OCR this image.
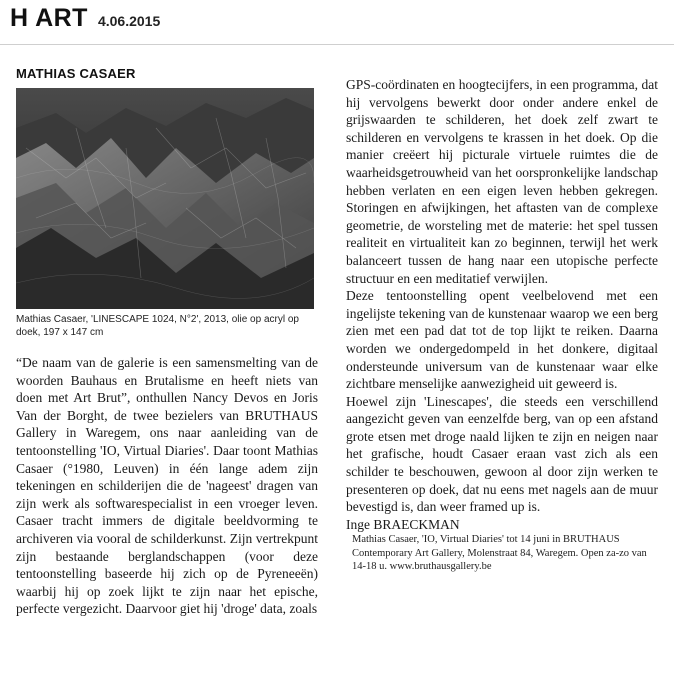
H ART 4.06.2015
MATHIAS CASAER
Mathias Casaer, 'LINESCAPE 1024, N°2', 2013, olie op acryl op doek, 197 x 147 cm

“De naam van de galerie is een samensmelting van de woorden Bauhaus en Brutalisme en heeft niets van doen met Art Brut”, onthullen Nancy Devos en Joris Van der Borght, de twee bezielers van BRUTHAUS Gallery in Waregem, ons naar aanleiding van de tentoonstelling 'IO, Virtual Diaries'. Daar toont Mathias Casaer (°1980, Leuven) in één lange adem zijn tekeningen en schilderijen die de 'nageest' dragen van zijn werk als softwarespecialist in een vroeger leven. Casaer tracht immers de digitale beeldvorming te archiveren via vooral de schilderkunst. Zijn vertrekpunt zijn bestaande berglandschappen (voor deze tentoonstelling baseerde hij zich op de Pyreneeën) waarbij hij op zoek lijkt te zijn naar het epische, perfecte vergezicht. Daarvoor giet hij 'droge' data, zoals

GPS-coördinaten en hoogtecijfers, in een programma, dat hij vervolgens bewerkt door onder andere enkel de grijswaarden te schilderen, het doek zelf zwart te schilderen en vervolgens te krassen in het doek. Op die manier creëert hij picturale virtuele ruimtes die de waarheidsgetrouwheid van het oorspronkelijke landschap hebben verlaten en een eigen leven hebben gekregen. Storingen en afwijkingen, het aftasten van de complexe geometrie, de worsteling met de materie: het spel tussen realiteit en virtualiteit kan zo beginnen, terwijl het werk balanceert tussen de hang naar een utopische perfecte structuur en een meditatief verwijlen.

Deze tentoonstelling opent veelbelovend met een ingelijste tekening van de kunstenaar waarop we een berg zien met een pad dat tot de top lijkt te reiken. Daarna worden we ondergedompeld in het donkere, digitaal ondersteunde universum van de kunstenaar waar elke zichtbare menselijke aanwezigheid uit geweerd is.

Hoewel zijn 'Linescapes', die steeds een verschillend aangezicht geven van eenzelfde berg, van op een afstand grote etsen met droge naald lijken te zijn en neigen naar het grafische, houdt Casaer eraan vast zich als een schilder te beschouwen, gewoon al door zijn werken te presenteren op doek, dat nu eens met nagels aan de muur bevestigd is, dan weer framed up is.

Inge BRAECKMAN

Mathias Casaer, 'IO, Virtual Diaries' tot 14 juni in BRUTHAUS Contemporary Art Gallery, Molenstraat 84, Waregem. Open za-zo van 14-18 u. www.bruthausgallery.be
